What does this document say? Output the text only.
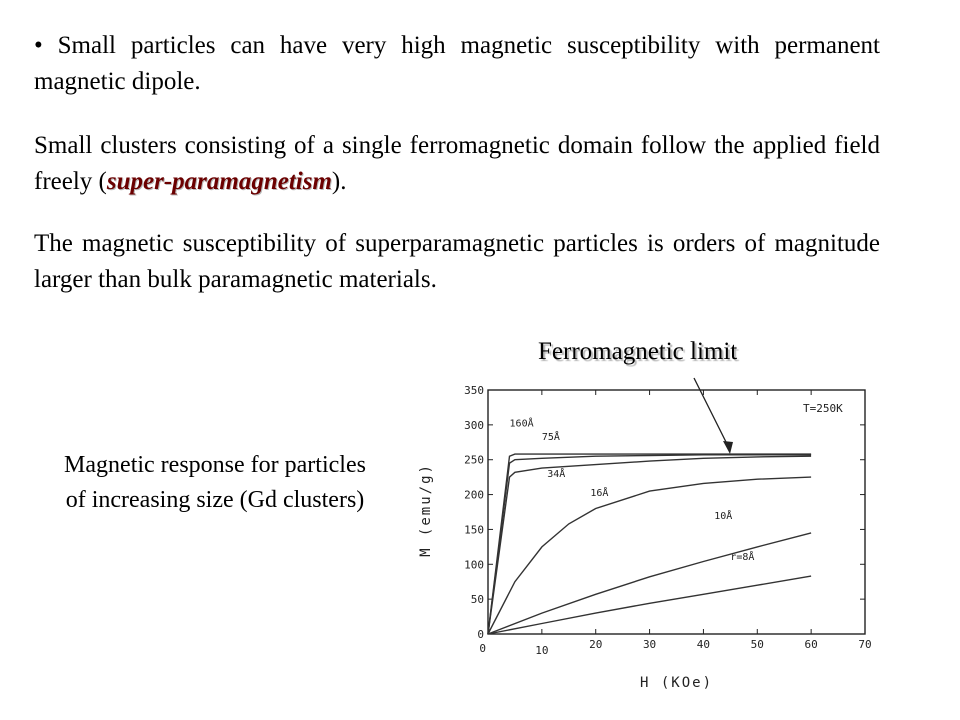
• Small particles can have very high magnetic susceptibility with permanent magnetic dipole.
Small clusters consisting of a single ferromagnetic domain follow the applied field freely (super-paramagnetism).
The magnetic susceptibility of superparamagnetic particles is orders of magnitude larger than bulk paramagnetic materials.
Ferromagnetic limit
Magnetic response for particles of increasing size (Gd clusters)
0
50
100
150
200
250
300
350
0	10	20	30	40	50	60	70
160Å
75Å
34Å
16Å
10Å
r=8Å
T=250K
H (KOe)
M (emu/g)
